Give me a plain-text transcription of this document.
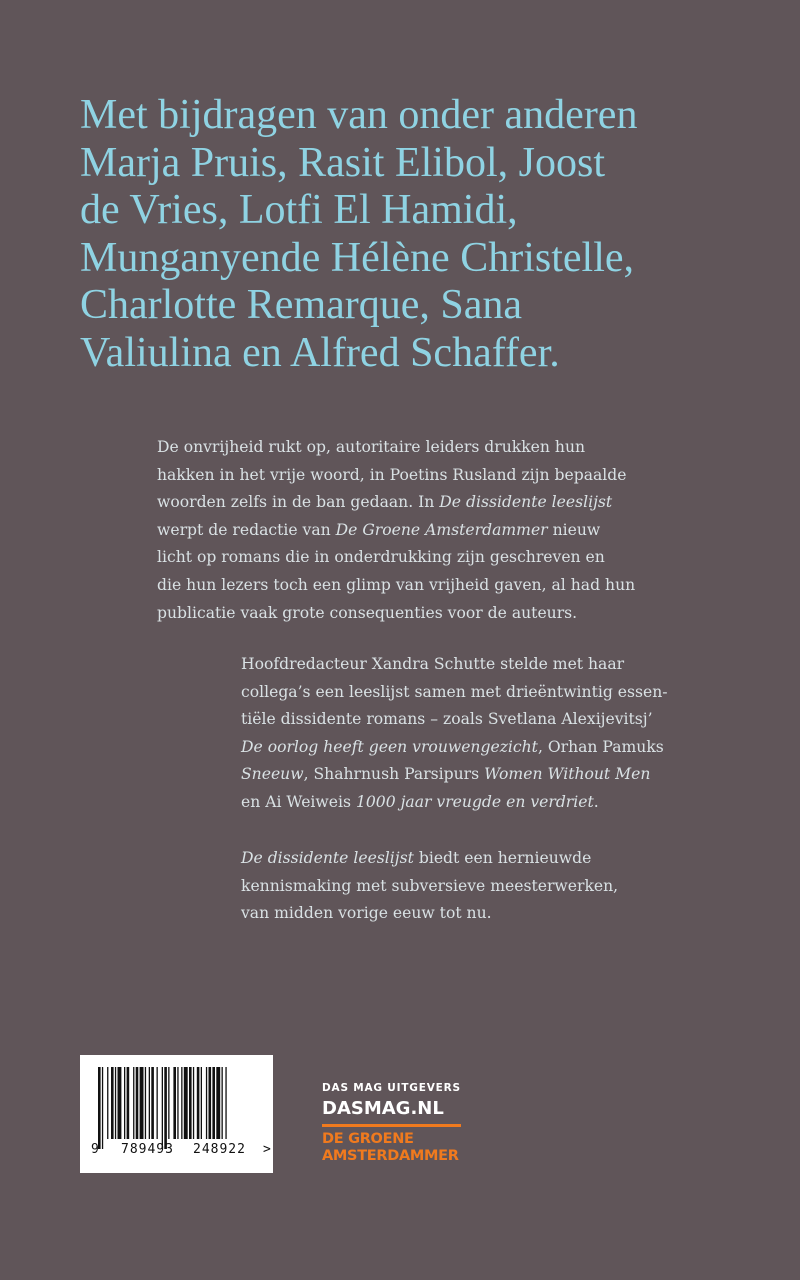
Met bijdragen van onder anderen
Marja Pruis, Rasit Elibol, Joost
de Vries, Lotfi El Hamidi,
Munganyende Hélène Christelle,
Charlotte Remarque, Sana
Valiulina en Alfred Schaffer.
De onvrijheid rukt op, autoritaire leiders drukken hun
hakken in het vrije woord, in Poetins Rusland zijn bepaalde
woorden zelfs in de ban gedaan. In De dissidente leeslijst
werpt de redactie van De Groene Amsterdammer nieuw
licht op romans die in onderdrukking zijn geschreven en
die hun lezers toch een glimp van vrijheid gaven, al had hun
publicatie vaak grote consequenties voor de auteurs.
Hoofdredacteur Xandra Schutte stelde met haar
collega’s een leeslijst samen met drieëntwintig essen-
tiële dissidente romans – zoals Svetlana Alexijevitsj’
De oorlog heeft geen vrouwengezicht, Orhan Pamuks
Sneeuw, Shahrnush Parsipurs Women Without Men
en Ai Weiweis 1000 jaar vreugde en verdriet.
De dissidente leeslijst biedt een hernieuwde
kennismaking met subversieve meesterwerken,
van midden vorige eeuw tot nu.
9 789493 248922 >
DAS MAG UITGEVERS
DASMAG.NL
DE GROENE
AMSTERDAMMER
